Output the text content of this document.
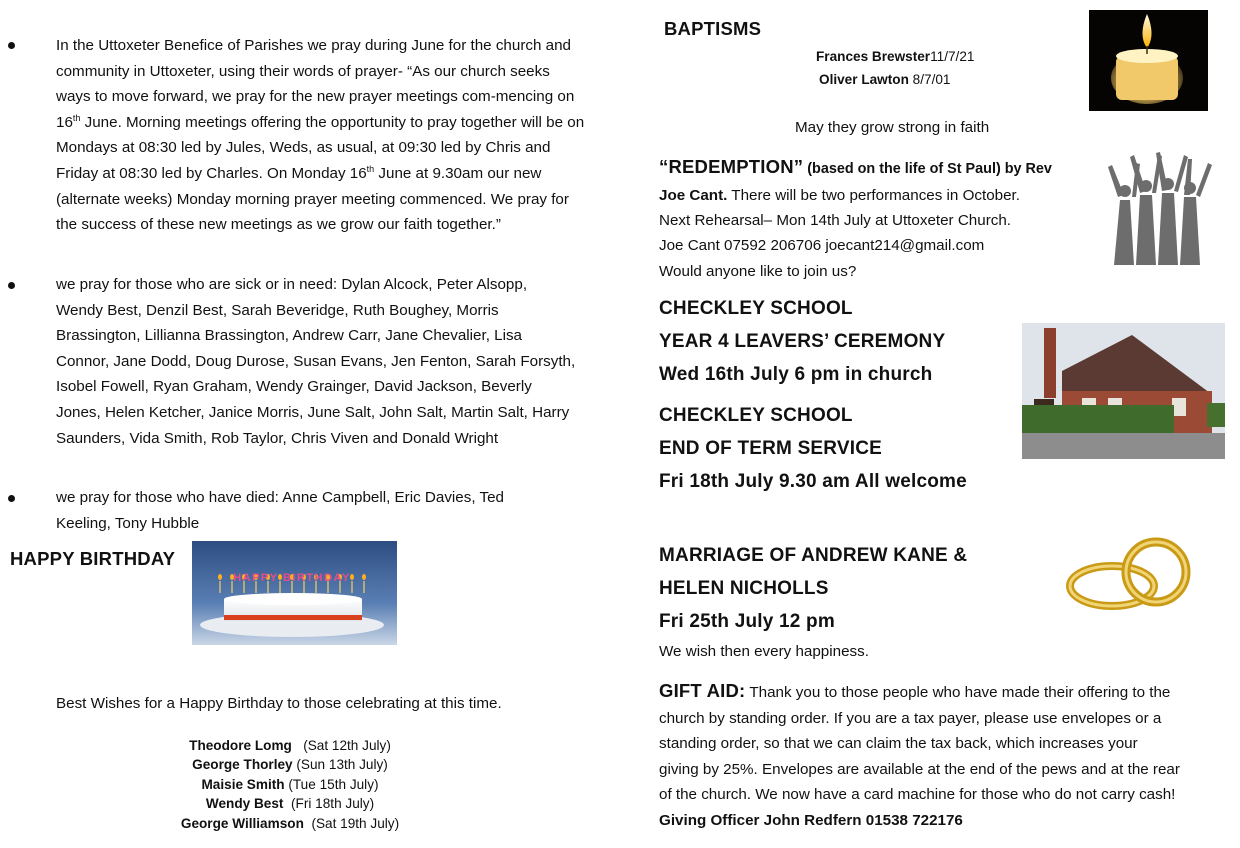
In the Uttoxeter Benefice of Parishes we pray during June for the church and community in Uttoxeter, using their words of prayer- “As our church seeks ways to move forward, we pray for the new prayer meetings com-mencing on 16th June. Morning meetings offering the opportunity to pray together will be on Mondays at 08:30 led by Jules, Weds, as usual, at 09:30 led by Chris and Friday at 08:30 led by Charles. On Monday 16th June at 9.30am our new (alternate weeks) Monday morning prayer meeting commenced. We pray for the success of these new meetings as we grow our faith together.”
we pray for those who are sick or in need: Dylan Alcock, Peter Alsopp, Wendy Best, Denzil Best, Sarah Beveridge, Ruth Boughey, Morris Brassington, Lillianna Brassington, Andrew Carr, Jane Chevalier, Lisa Connor, Jane Dodd, Doug Durose, Susan Evans, Jen Fenton, Sarah Forsyth, Isobel Fowell, Ryan Graham, Wendy Grainger, David Jackson, Beverly Jones, Helen Ketcher, Janice Morris, June Salt, John Salt, Martin Salt, Harry Saunders, Vida Smith, Rob Taylor, Chris Viven and Donald Wright
we pray for those who have died: Anne Campbell, Eric Davies, Ted Keeling, Tony Hubble
HAPPY BIRTHDAY
HAPPY BIRTHDAY
Best Wishes for a Happy Birthday to those celebrating at this time.
Theodore Lomg (Sat 12th July)
George Thorley (Sun 13th July)
Maisie Smith (Tue 15th July)
Wendy Best (Fri 18th July)
George Williamson (Sat 19th July)
BAPTISMS
Frances Brewster11/7/21
Oliver Lawton 8/7/01
May they grow strong in faith
“REDEMPTION” (based on the life of St Paul) by Rev
Joe Cant. There will be two performances in October.
Next Rehearsal– Mon 14th July at Uttoxeter Church.
Joe Cant 07592 206706 joecant214@gmail.com
Would anyone like to join us?
CHECKLEY SCHOOL
YEAR 4 LEAVERS’ CEREMONY
Wed 16th July 6 pm in church
CHECKLEY SCHOOL
END OF TERM SERVICE
Fri 18th July 9.30 am All welcome
MARRIAGE OF ANDREW KANE &
HELEN NICHOLLS
Fri 25th July 12 pm
We wish then every happiness.
GIFT AID: Thank you to those people who have made their offering to the
church by standing order. If you are a tax payer, please use envelopes or a
standing order, so that we can claim the tax back, which increases your
giving by 25%. Envelopes are available at the end of the pews and at the rear
of the church. We now have a card machine for those who do not carry cash!
Giving Officer John Redfern 01538 722176
